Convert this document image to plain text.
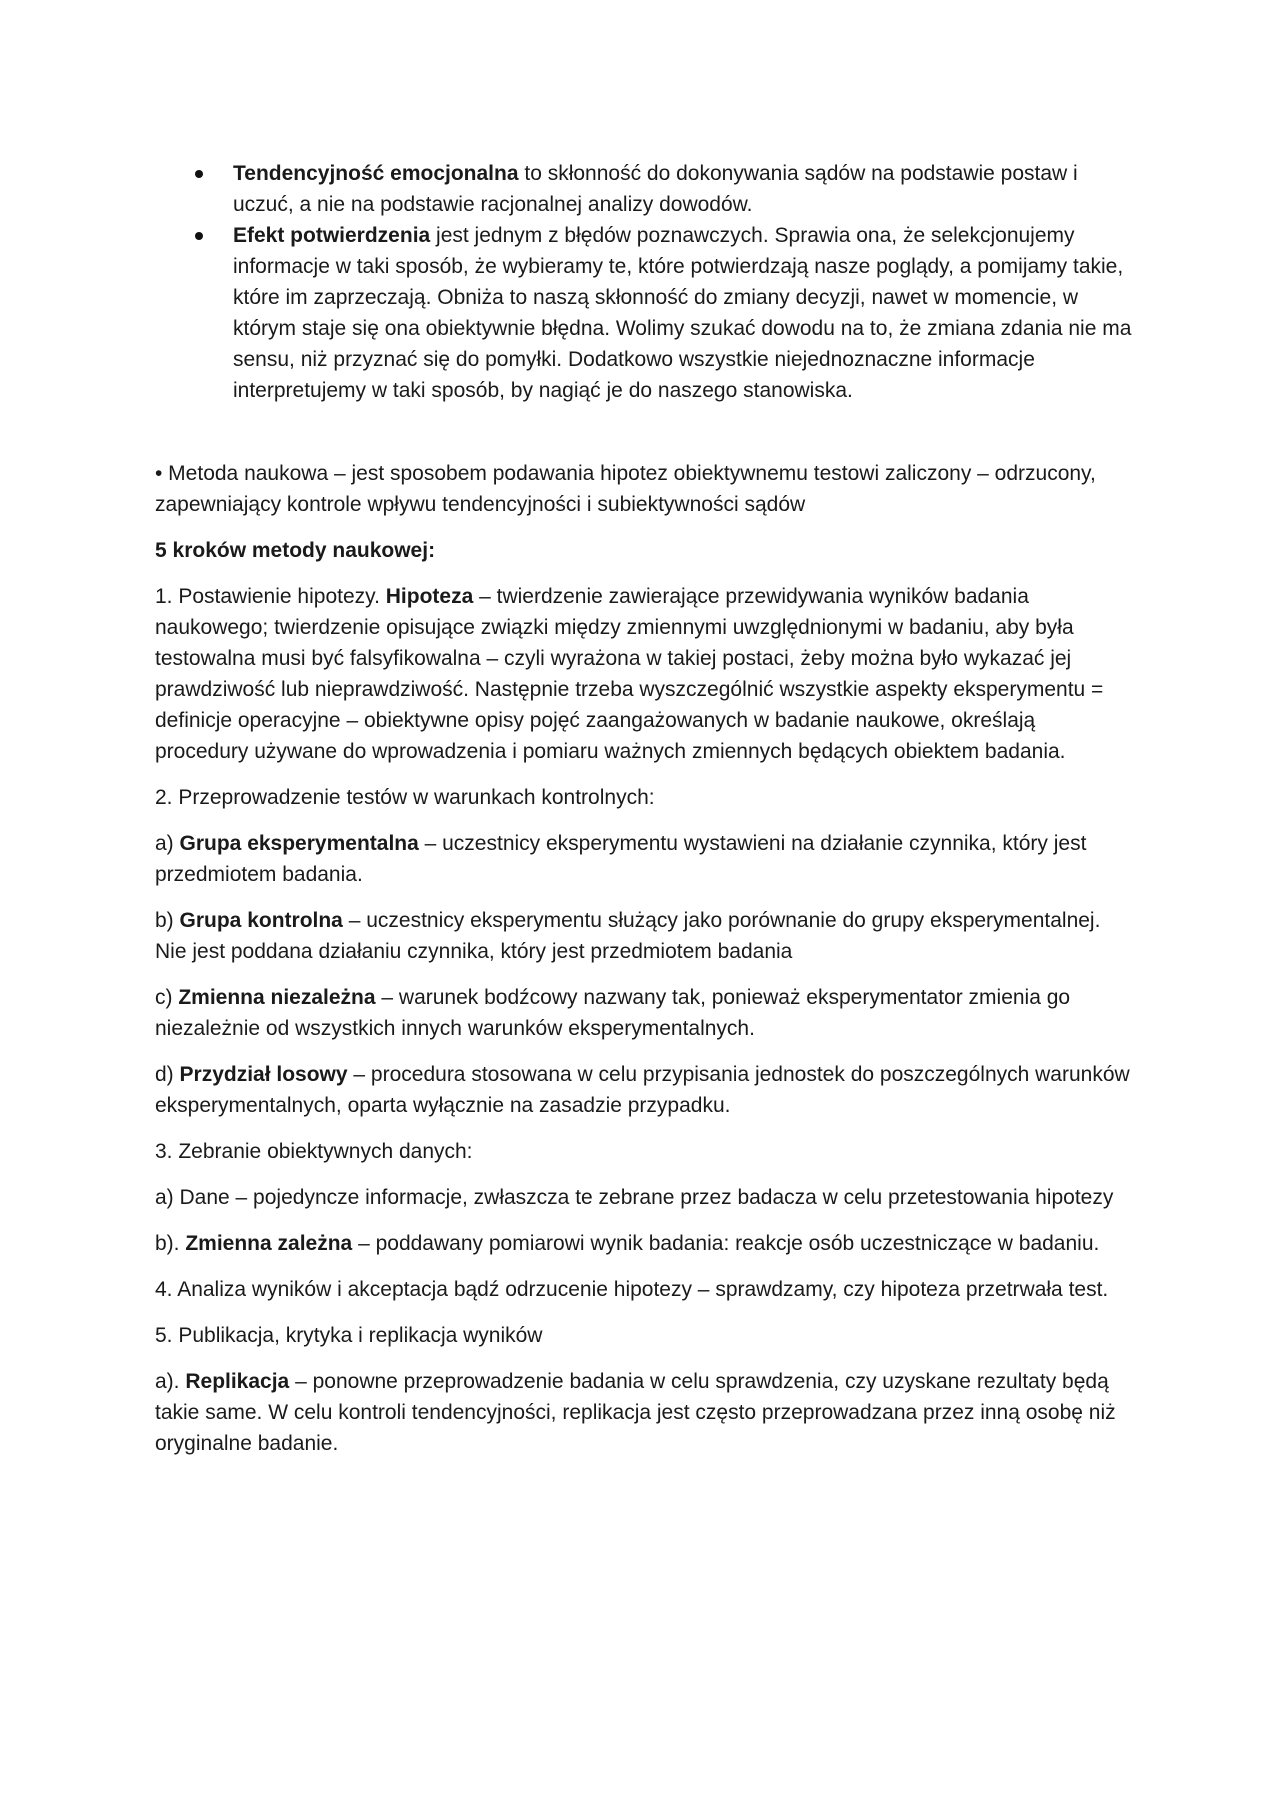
Tendencyjność emocjonalna to skłonność do dokonywania sądów na podstawie postaw i uczuć, a nie na podstawie racjonalnej analizy dowodów.
Efekt potwierdzenia jest jednym z błędów poznawczych. Sprawia ona, że selekcjonujemy informacje w taki sposób, że wybieramy te, które potwierdzają nasze poglądy, a pomijamy takie, które im zaprzeczają. Obniża to naszą skłonność do zmiany decyzji, nawet w momencie, w którym staje się ona obiektywnie błędna. Wolimy szukać dowodu na to, że zmiana zdania nie ma sensu, niż przyznać się do pomyłki. Dodatkowo wszystkie niejednoznaczne informacje interpretujemy w taki sposób, by nagiąć je do naszego stanowiska.

• Metoda naukowa – jest sposobem podawania hipotez obiektywnemu testowi zaliczony – odrzucony, zapewniający kontrole wpływu tendencyjności i subiektywności sądów

5 kroków metody naukowej:

1. Postawienie hipotezy. Hipoteza – twierdzenie zawierające przewidywania wyników badania naukowego; twierdzenie opisujące związki między zmiennymi uwzględnionymi w badaniu, aby była testowalna musi być falsyfikowalna – czyli wyrażona w takiej postaci, żeby można było wykazać jej prawdziwość lub nieprawdziwość. Następnie trzeba wyszczególnić wszystkie aspekty eksperymentu = definicje operacyjne – obiektywne opisy pojęć zaangażowanych w badanie naukowe, określają procedury używane do wprowadzenia i pomiaru ważnych zmiennych będących obiektem badania.

2. Przeprowadzenie testów w warunkach kontrolnych:

a) Grupa eksperymentalna – uczestnicy eksperymentu wystawieni na działanie czynnika, który jest przedmiotem badania.

b) Grupa kontrolna – uczestnicy eksperymentu służący jako porównanie do grupy eksperymentalnej. Nie jest poddana działaniu czynnika, który jest przedmiotem badania

c) Zmienna niezależna – warunek bodźcowy nazwany tak, ponieważ eksperymentator zmienia go niezależnie od wszystkich innych warunków eksperymentalnych.

d) Przydział losowy – procedura stosowana w celu przypisania jednostek do poszczególnych warunków eksperymentalnych, oparta wyłącznie na zasadzie przypadku.

3. Zebranie obiektywnych danych:

a) Dane – pojedyncze informacje, zwłaszcza te zebrane przez badacza w celu przetestowania hipotezy

b). Zmienna zależna – poddawany pomiarowi wynik badania: reakcje osób uczestniczące w badaniu.

4. Analiza wyników i akceptacja bądź odrzucenie hipotezy – sprawdzamy, czy hipoteza przetrwała test.

5. Publikacja, krytyka i replikacja wyników

a). Replikacja – ponowne przeprowadzenie badania w celu sprawdzenia, czy uzyskane rezultaty będą takie same. W celu kontroli tendencyjności, replikacja jest często przeprowadzana przez inną osobę niż oryginalne badanie.
